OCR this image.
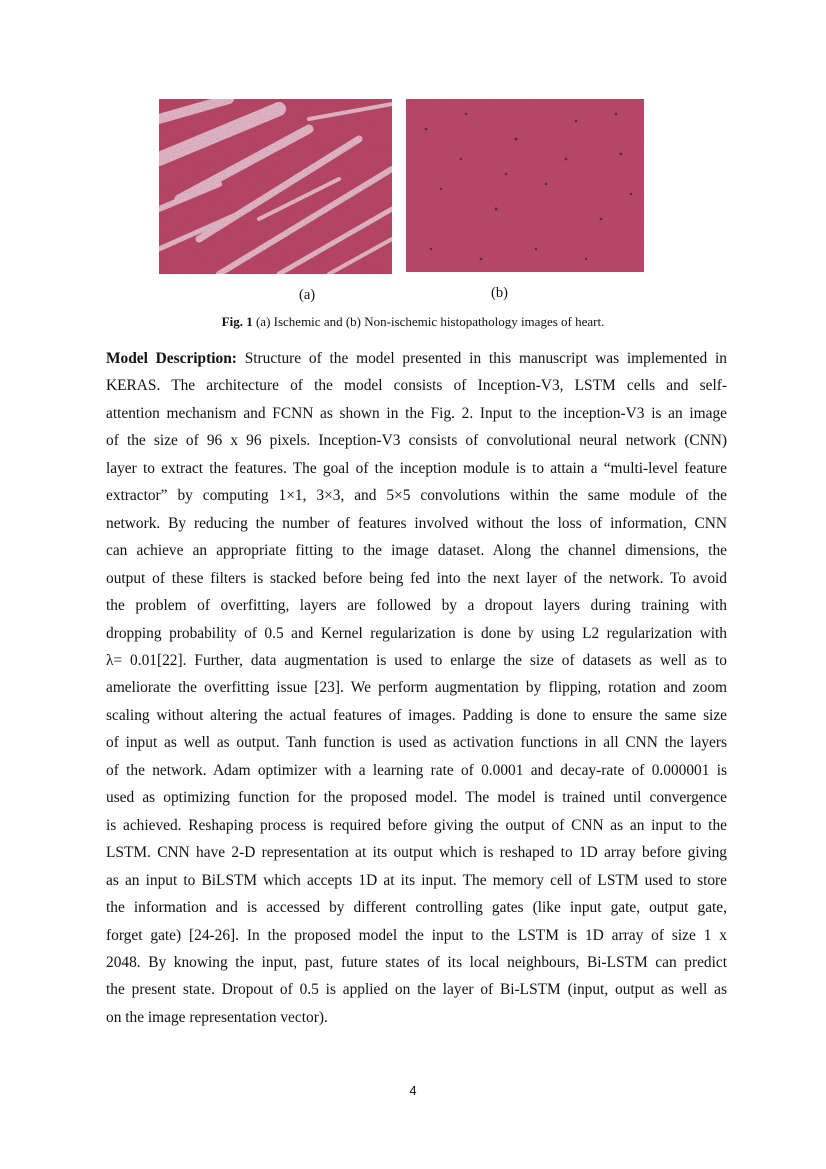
(a)	(b)
Fig. 1 (a) Ischemic and (b) Non-ischemic histopathology images of heart.
Model Description: Structure of the model presented in this manuscript was implemented in
KERAS. The architecture of the model consists of Inception-V3, LSTM cells and self-
attention mechanism and FCNN as shown in the Fig. 2. Input to the inception-V3 is an image
of the size of 96 x 96 pixels. Inception-V3 consists of convolutional neural network (CNN)
layer to extract the features. The goal of the inception module is to attain a “multi-level feature
extractor” by computing 1×1, 3×3, and 5×5 convolutions within the same module of the
network. By reducing the number of features involved without the loss of information, CNN
can achieve an appropriate fitting to the image dataset. Along the channel dimensions, the
output of these filters is stacked before being fed into the next layer of the network. To avoid
the problem of overfitting, layers are followed by a dropout layers during training with
dropping probability of 0.5 and Kernel regularization is done by using L2 regularization with
λ= 0.01[22]. Further, data augmentation is used to enlarge the size of datasets as well as to
ameliorate the overfitting issue [23]. We perform augmentation by flipping, rotation and zoom
scaling without altering the actual features of images. Padding is done to ensure the same size
of input as well as output. Tanh function is used as activation functions in all CNN the layers
of the network. Adam optimizer with a learning rate of 0.0001 and decay-rate of 0.000001 is
used as optimizing function for the proposed model. The model is trained until convergence
is achieved. Reshaping process is required before giving the output of CNN as an input to the
LSTM. CNN have 2-D representation at its output which is reshaped to 1D array before giving
as an input to BiLSTM which accepts 1D at its input. The memory cell of LSTM used to store
the information and is accessed by different controlling gates (like input gate, output gate,
forget gate) [24-26]. In the proposed model the input to the LSTM is 1D array of size 1 x
2048. By knowing the input, past, future states of its local neighbours, Bi-LSTM can predict
the present state. Dropout of 0.5 is applied on the layer of Bi-LSTM (input, output as well as
on the image representation vector).
4
